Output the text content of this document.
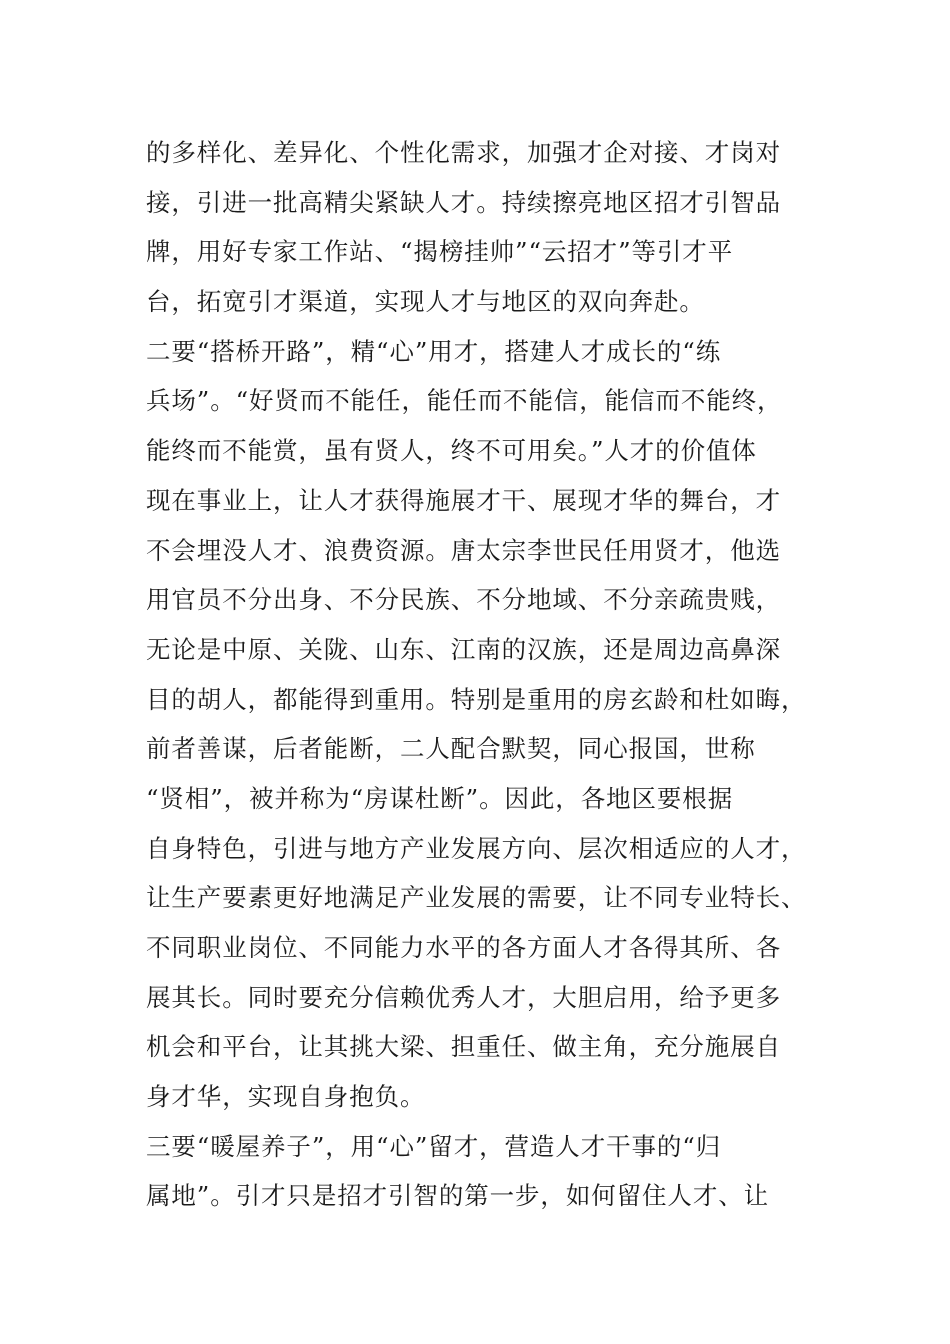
的多样化、差异化、个性化需求，加强才企对接、才岗对
接，引进一批高精尖紧缺人才。持续擦亮地区招才引智品
牌，用好专家工作站、“揭榜挂帅”“云招才”等引才平
台，拓宽引才渠道，实现人才与地区的双向奔赴。
二要“搭桥开路”，精“心”用才，搭建人才成长的“练
兵场”。“好贤而不能任，能任而不能信，能信而不能终，
能终而不能赏，虽有贤人，终不可用矣。”人才的价值体
现在事业上，让人才获得施展才干、展现才华的舞台，才
不会埋没人才、浪费资源。唐太宗李世民任用贤才，他选
用官员不分出身、不分民族、不分地域、不分亲疏贵贱，
无论是中原、关陇、山东、江南的汉族，还是周边高鼻深
目的胡人，都能得到重用。特别是重用的房玄龄和杜如晦，
前者善谋，后者能断，二人配合默契，同心报国，世称
“贤相”，被并称为“房谋杜断”。因此，各地区要根据
自身特色，引进与地方产业发展方向、层次相适应的人才，
让生产要素更好地满足产业发展的需要，让不同专业特长、
不同职业岗位、不同能力水平的各方面人才各得其所、各
展其长。同时要充分信赖优秀人才，大胆启用，给予更多
机会和平台，让其挑大梁、担重任、做主角，充分施展自
身才华，实现自身抱负。
三要“暖屋养子”，用“心”留才，营造人才干事的“归
属地”。引才只是招才引智的第一步，如何留住人才、让
